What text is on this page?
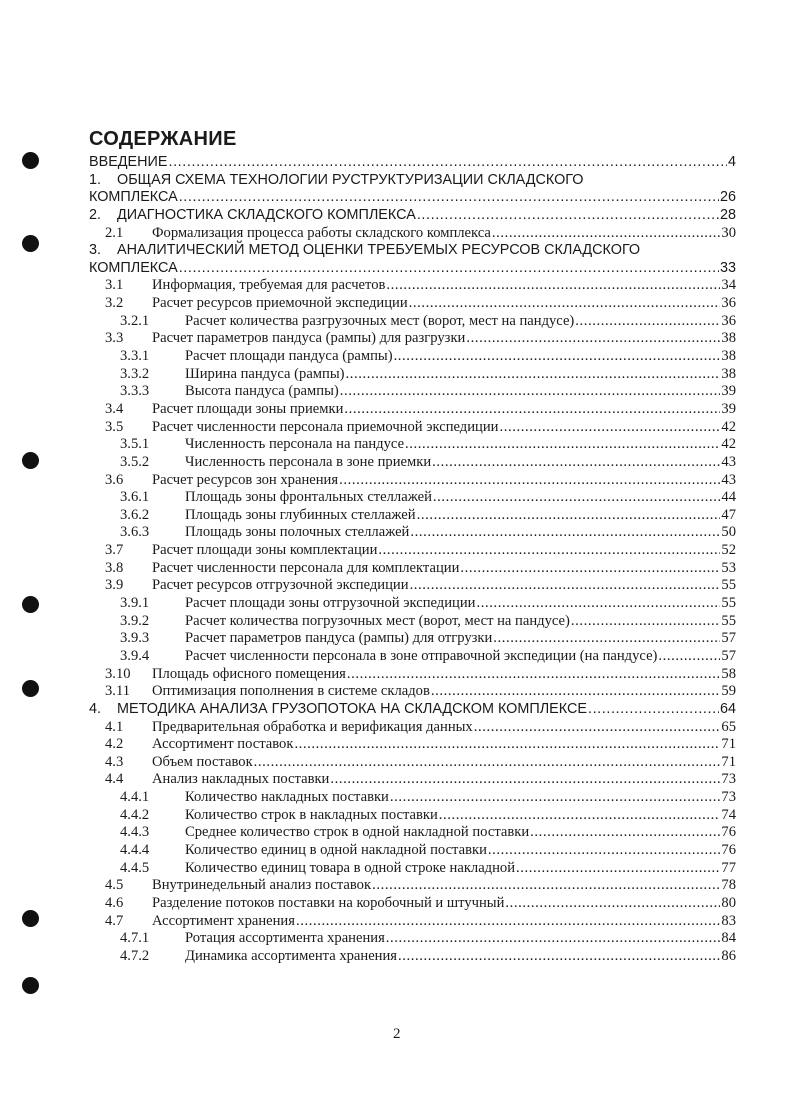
СОДЕРЖАНИЕ
ВВЕДЕНИЕ .....	4
1.	ОБЩАЯ СХЕМА ТЕХНОЛОГИИ РУСТРУКТУРИЗАЦИИ СКЛАДСКОГО
КОМПЛЕКСА .....	26
2.	ДИАГНОСТИКА СКЛАДСКОГО КОМПЛЕКСА .....	28
2.1	Формализация процесса работы складского комплекса .....	30
3.	АНАЛИТИЧЕСКИЙ МЕТОД ОЦЕНКИ ТРЕБУЕМЫХ РЕСУРСОВ СКЛАДСКОГО
КОМПЛЕКСА .....	33
3.1	Информация, требуемая для расчетов .....	34
3.2	Расчет ресурсов приемочной экспедиции .....	36
3.2.1	Расчет количества разгрузочных мест (ворот, мест на пандусе) .....	36
3.3	Расчет параметров пандуса (рампы) для разгрузки .....	38
3.3.1	Расчет площади пандуса (рампы) .....	38
3.3.2	Ширина пандуса (рампы) .....	38
3.3.3	Высота пандуса (рампы) .....	39
3.4	Расчет площади зоны приемки .....	39
3.5	Расчет численности персонала приемочной экспедиции .....	42
3.5.1	Численность персонала на пандусе .....	42
3.5.2	Численность персонала в зоне приемки .....	43
3.6	Расчет ресурсов зон хранения .....	43
3.6.1	Площадь зоны фронтальных стеллажей .....	44
3.6.2	Площадь зоны глубинных стеллажей .....	47
3.6.3	Площадь зоны полочных стеллажей .....	50
3.7	Расчет площади зоны комплектации .....	52
3.8	Расчет численности персонала для комплектации .....	53
3.9	Расчет ресурсов отгрузочной экспедиции .....	55
3.9.1	Расчет площади зоны отгрузочной экспедиции .....	55
3.9.2	Расчет количества погрузочных мест (ворот, мест на пандусе) .....	55
3.9.3	Расчет параметров пандуса (рампы) для отгрузки .....	57
3.9.4	Расчет численности персонала в зоне отправочной экспедиции (на пандусе) .....	57
3.10	Площадь офисного помещения .....	58
3.11	Оптимизация пополнения в системе складов .....	59
4.	МЕТОДИКА АНАЛИЗА ГРУЗОПОТОКА НА СКЛАДСКОМ КОМПЛЕКСЕ .....	64
4.1	Предварительная обработка и верификация данных .....	65
4.2	Ассортимент поставок .....	71
4.3	Объем поставок .....	71
4.4	Анализ накладных поставки .....	73
4.4.1	Количество накладных поставки .....	73
4.4.2	Количество строк в накладных поставки .....	74
4.4.3	Среднее количество строк в одной накладной поставки .....	76
4.4.4	Количество единиц в одной накладной поставки .....	76
4.4.5	Количество единиц товара в одной строке накладной .....	77
4.5	Внутринедельный анализ поставок .....	78
4.6	Разделение потоков поставки на коробочный и штучный .....	80
4.7	Ассортимент хранения .....	83
4.7.1	Ротация ассортимента хранения .....	84
4.7.2	Динамика ассортимента хранения .....	86
2
